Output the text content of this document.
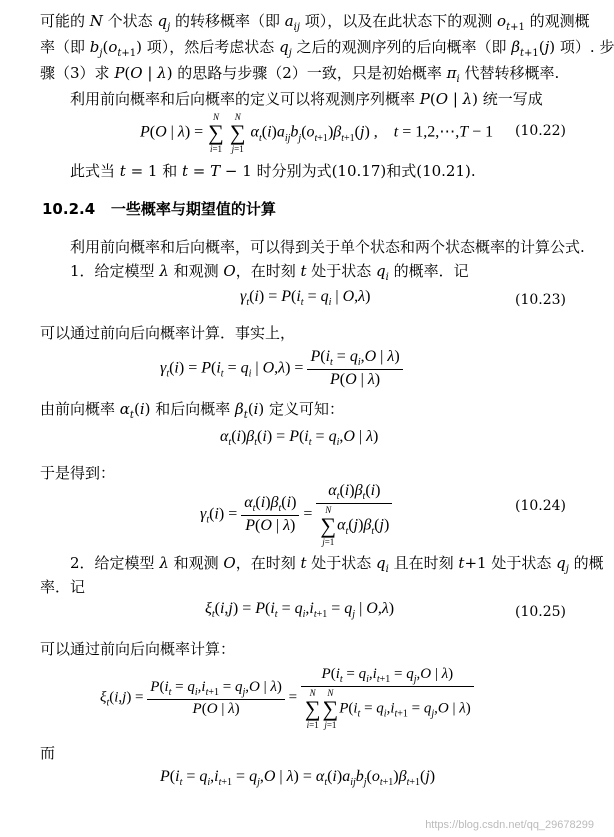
可能的 N 个状态 $q_j$ 的转移概率（即 $a_{ij}$ 项），以及在此状态下的观测 $o_{t+1}$ 的观测概
率（即 $b_j(o_{t+1})$ 项），然后考虑状态 $q_j$ 之后的观测序列的后向概率（即 $\beta_{t+1}(j)$ 项）. 步
骤（3）求 P(O | λ) 的思路与步骤（2）一致，只是初始概率 $\pi_i$ 代替转移概率.
利用前向概率和后向概率的定义可以将观测序列概率 P(O | λ) 统一写成
P(O | λ) =
N
∑
i=1

N
∑
j=1
$\alpha_t(i)a_{ij}b_j(o_{t+1})\beta_{t+1}(j)$ ,    t = 1,2,⋯,T − 1 (10.22)
此式当 t = 1 和 t = T − 1 时分别为式(10.17)和式(10.21).
10.2.4 一些概率与期望值的计算
利用前向概率和后向概率，可以得到关于单个状态和两个状态概率的计算公式.
1．给定模型 λ 和观测 O，在时刻 t 处于状态 $q_i$ 的概率．记
$\gamma_t(i) = P(i_t = q_i$ | O,λ)	(10.23)
可以通过前向后向概率计算．事实上，
$\gamma_t(i) = P(i_t = q_i$ | $O,\lambda) = \frac{P(i_t = q_i,O | \lambda)}{P(O | \lambda)}$
由前向概率 $\alpha_t(i)$ 和后向概率 $\beta_t(i)$ 定义可知：
$\alpha_t(i)\beta_t(i) = P(i_t = q_i,O$ | λ)
于是得到：
$\gamma_t(i) = \frac{\alpha_t(i)\beta_t(i)}{P(O | \lambda)} = \alpha_t(i)\beta_t(i)$
N
∑
j=1
$\alpha_t(j)\beta_t(j)$	(10.24)
2．给定模型 λ 和观测 O，在时刻 t 处于状态 $q_i$ 且在时刻 t+1 处于状态 $q_j$ 的概
率．记
$\xi_t(i,j) = P(i_t = q_i,i_{t+1} = q_j$ | O,λ)	(10.25)
可以通过前向后向概率计算：
$\xi_t(i,j) = \frac{P(i_t = q_i,i_{t+1} = q_j,O | \lambda)}{P(O | \lambda)} = P(i_t = q_i,i_{t+1} = q_j,O$ | λ)
N
∑
i=1
N
∑
j=1
$P(i_t = q_i,i_{t+1} = q_j,O$ | λ)
而
$P(i_t = q_i,i_{t+1} = q_j,O$ | $\lambda) = \alpha_t(i)a_{ij}b_j(o_{t+1})\beta_{t+1}(j)$
https://blog.csdn.net/qq_29678299
